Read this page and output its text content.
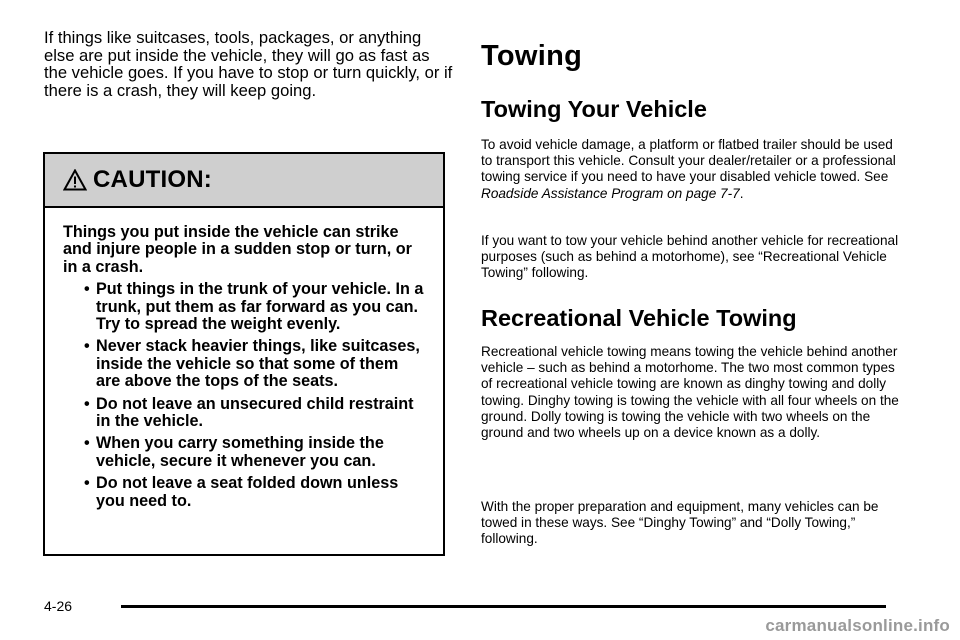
If things like suitcases, tools, packages, or anything else are put inside the vehicle, they will go as fast as the vehicle goes. If you have to stop or turn quickly, or if there is a crash, they will keep going.

CAUTION:

Things you put inside the vehicle can strike and injure people in a sudden stop or turn, or in a crash.

• Put things in the trunk of your vehicle. In a trunk, put them as far forward as you can. Try to spread the weight evenly.
• Never stack heavier things, like suitcases, inside the vehicle so that some of them are above the tops of the seats.
• Do not leave an unsecured child restraint in the vehicle.
• When you carry something inside the vehicle, secure it whenever you can.
• Do not leave a seat folded down unless you need to.
Towing
Towing Your Vehicle

To avoid vehicle damage, a platform or flatbed trailer should be used to transport this vehicle. Consult your dealer/retailer or a professional towing service if you need to have your disabled vehicle towed. See
Roadside Assistance Program on page 7-7.

If you want to tow your vehicle behind another vehicle for recreational purposes (such as behind a motorhome), see “Recreational Vehicle Towing” following.

Recreational Vehicle Towing

Recreational vehicle towing means towing the vehicle behind another vehicle – such as behind a motorhome. The two most common types of recreational vehicle towing are known as dinghy towing and dolly towing. Dinghy towing is towing the vehicle with all four wheels on the ground. Dolly towing is towing the vehicle with two wheels on the ground and two wheels up on a device known as a dolly.

With the proper preparation and equipment, many vehicles can be towed in these ways. See “Dinghy Towing” and “Dolly Towing,” following.

4-26
carmanualsonline.info
